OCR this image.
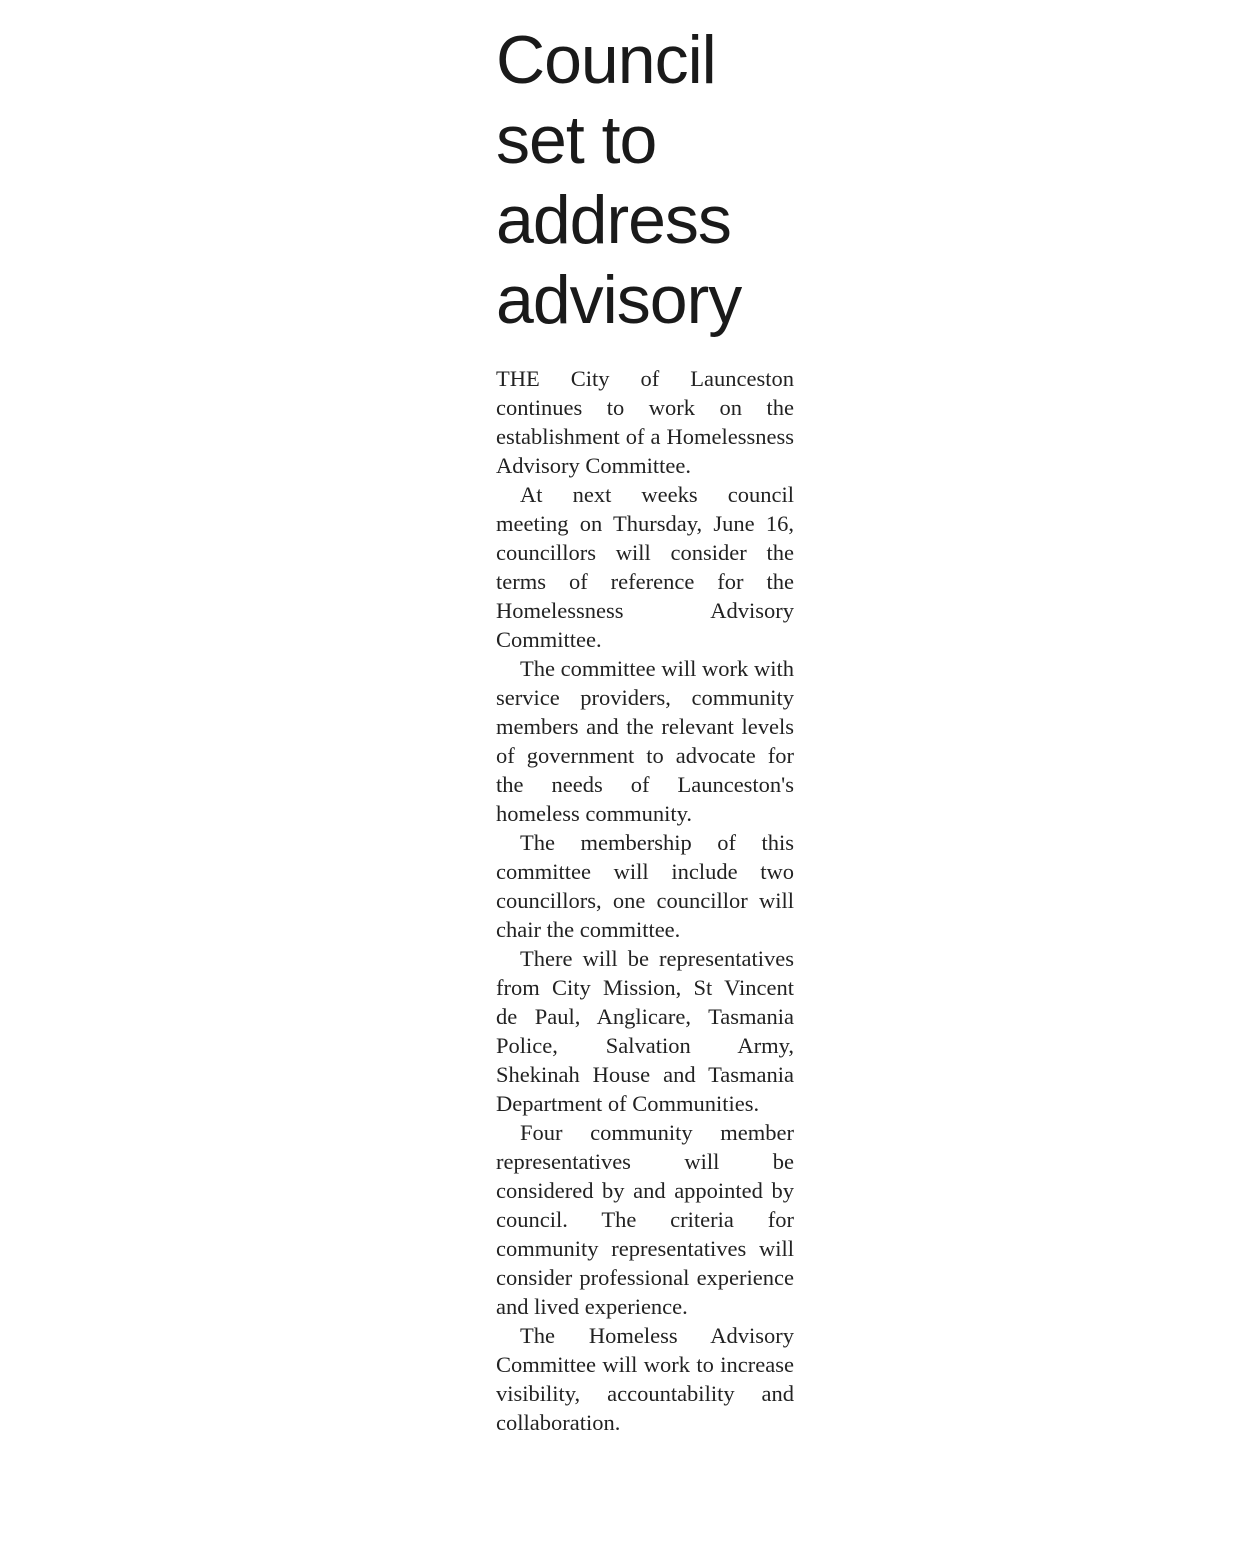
Council
set to
address
advisory

THE City of Launceston continues to work on the establishment of a Homelessness Advisory Committee.

At next weeks council meeting on Thursday, June 16, councillors will consider the terms of reference for the Homelessness Advisory Committee.

The committee will work with service providers, community members and the relevant levels of government to advocate for the needs of Launceston's homeless community.

The membership of this committee will include two councillors, one councillor will chair the committee.

There will be representatives from City Mission, St Vincent de Paul, Anglicare, Tasmania Police, Salvation Army, Shekinah House and Tasmania Department of Communities.

Four community member representatives will be considered by and appointed by council. The criteria for community representatives will consider professional experience and lived experience.

The Homeless Advisory Committee will work to increase visibility, accountability and collaboration.
